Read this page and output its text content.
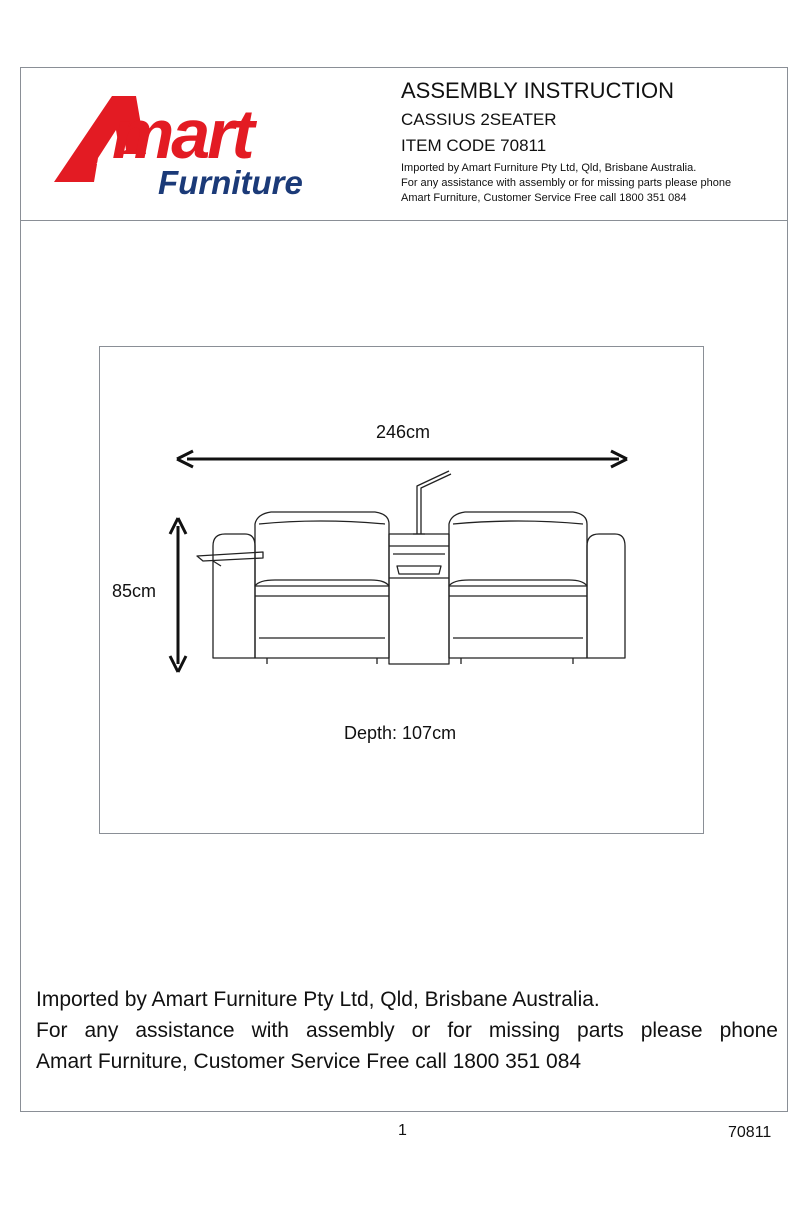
mart
Furniture
ASSEMBLY INSTRUCTION
CASSIUS 2SEATER
ITEM CODE 70811
Imported by Amart Furniture Pty Ltd, Qld, Brisbane Australia.
For any assistance with assembly or for missing parts please phone
Amart Furniture, Customer Service Free call 1800 351 084
246cm
85cm
Depth: 107cm
Imported by Amart Furniture Pty Ltd, Qld, Brisbane Australia.
For any assistance with assembly or for missing parts please phone
Amart Furniture, Customer Service Free call 1800 351 084
1	70811
